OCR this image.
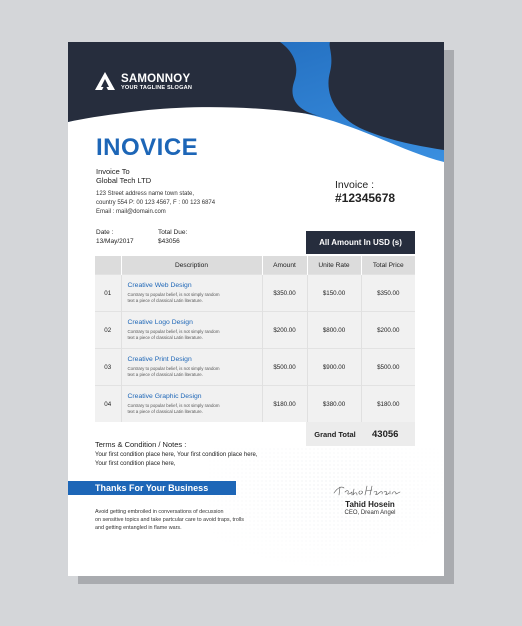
SAMONNOY
YOUR TAGLINE SLOGAN
INOVICE
Invoice To
Global Tech LTD
123 Street address name town state,
country 554 P: 00 123 4567, F : 00 123 6874
Email : mail@domain.com
Invoice :
#12345678
Date :
13/May/2017
Total Due:
$43056	All Amount In USD (s)
	Description	Amount	Unite Rate	Total Price
01	Creative Web Design
Contrary to popular belief, is not simply random
text a piece of classical Latin literature.	$350.00	$150.00	$350.00
02	Creative Logo Design
Contrary to popular belief, is not simply random
text a piece of classical Latin literature.	$200.00	$800.00	$200.00
03	Creative Print Design
Contrary to popular belief, is not simply random
text a piece of classical Latin literature.	$500.00	$900.00	$500.00
04	Creative Graphic Design
Contrary to popular belief, is not simply random
text a piece of classical Latin literature.	$180.00	$380.00	$180.00
Grand Total	43056
Terms & Condition / Notes :
Your first condition place here, Your first condition place here,
Your first condition place here,
Thanks For Your Business
Avoid getting embroiled in conversations of decussion
on sensitive topics and take partcular care to avoid traps, trolls
and getting entangled in flame wars.
Tahid Hosein
CEO, Dream Angel
